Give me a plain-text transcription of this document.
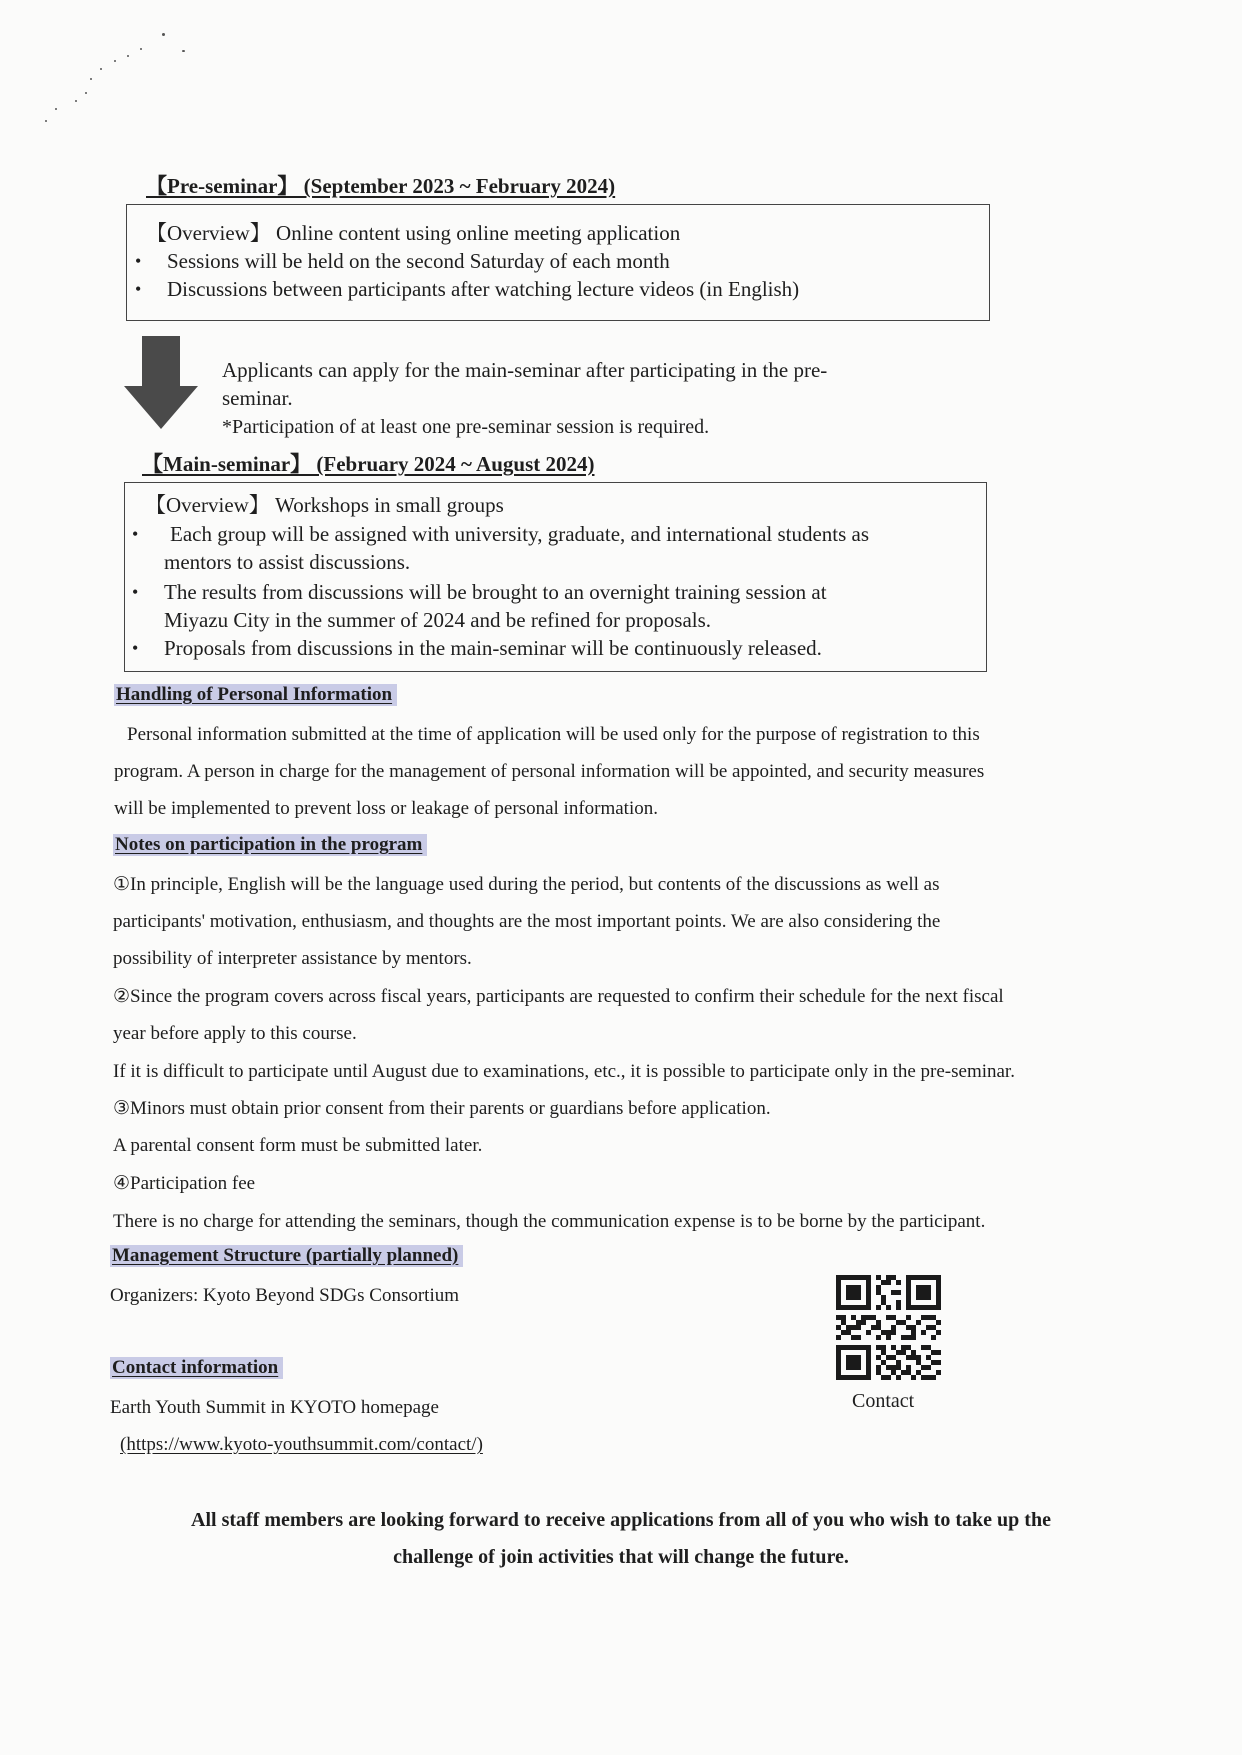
【Pre-seminar】 (September 2023 ~ February 2024)
【Overview】 Online content using online meeting application
• Sessions will be held on the second Saturday of each month
• Discussions between participants after watching lecture videos (in English)
Applicants can apply for the main-seminar after participating in the pre-
seminar.
*Participation of at least one pre-seminar session is required.
【Main-seminar】 (February 2024 ~ August 2024)
【Overview】 Workshops in small groups
• Each group will be assigned with university, graduate, and international students as
mentors to assist discussions.
• The results from discussions will be brought to an overnight training session at
Miyazu City in the summer of 2024 and be refined for proposals.
• Proposals from discussions in the main-seminar will be continuously released.
Handling of Personal Information
Personal information submitted at the time of application will be used only for the purpose of registration to this
program. A person in charge for the management of personal information will be appointed, and security measures
will be implemented to prevent loss or leakage of personal information.
Notes on participation in the program
①In principle, English will be the language used during the period, but contents of the discussions as well as
participants' motivation, enthusiasm, and thoughts are the most important points. We are also considering the
possibility of interpreter assistance by mentors.
②Since the program covers across fiscal years, participants are requested to confirm their schedule for the next fiscal
year before apply to this course.
If it is difficult to participate until August due to examinations, etc., it is possible to participate only in the pre-seminar.
③Minors must obtain prior consent from their parents or guardians before application.
A parental consent form must be submitted later.
④Participation fee
There is no charge for attending the seminars, though the communication expense is to be borne by the participant.
Management Structure (partially planned)
Organizers: Kyoto Beyond SDGs Consortium
Contact information
Earth Youth Summit in KYOTO homepage
(https://www.kyoto-youthsummit.com/contact/)
Contact
All staff members are looking forward to receive applications from all of you who wish to take up the
challenge of join activities that will change the future.
